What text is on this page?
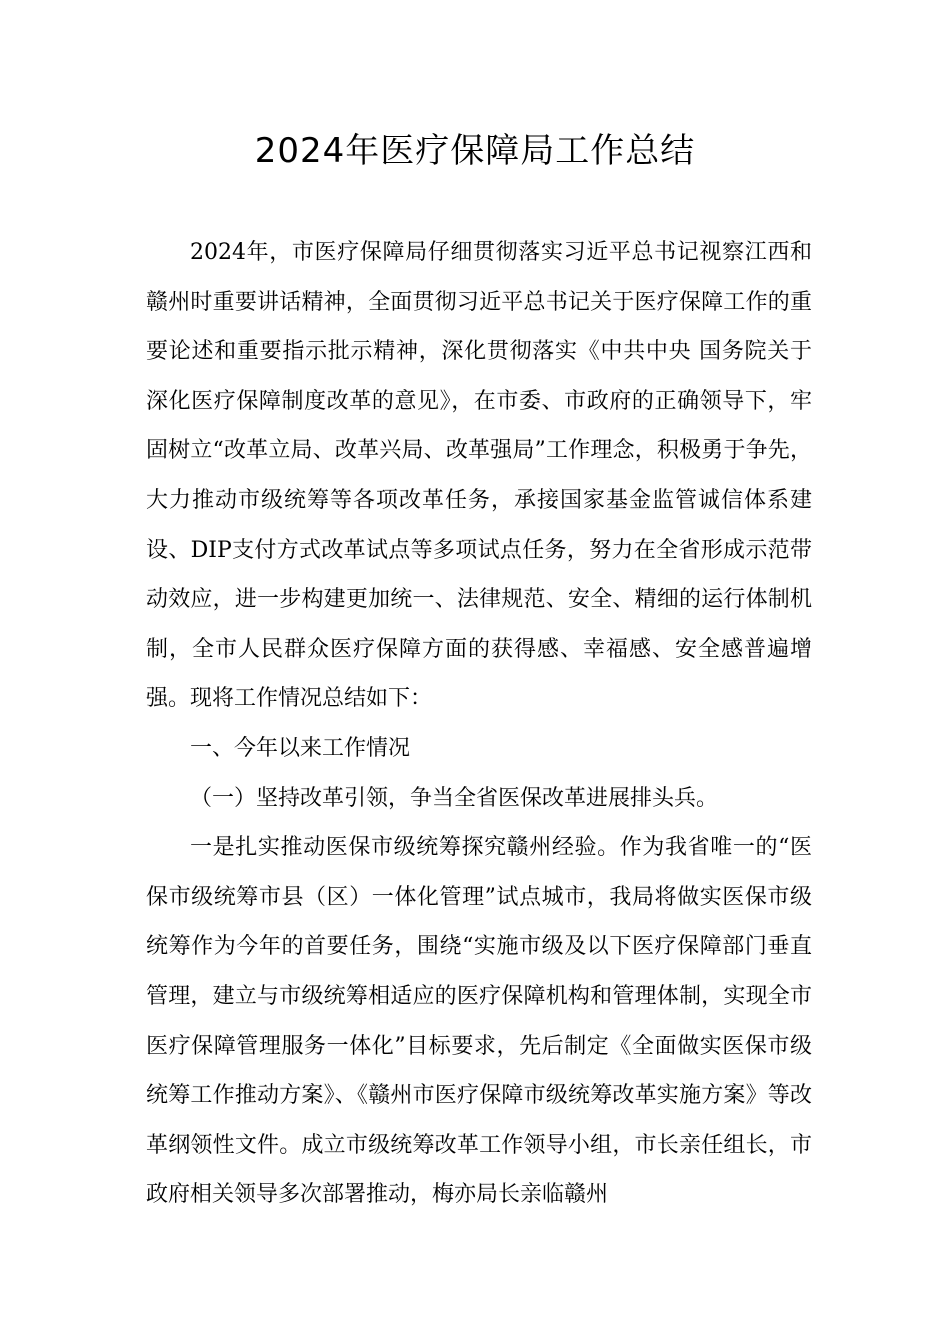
2024年医疗保障局工作总结

2024年，市医疗保障局仔细贯彻落实习近平总书记视察江西和赣州时重要讲话精神，全面贯彻习近平总书记关于医疗保障工作的重要论述和重要指示批示精神，深化贯彻落实《中共中央 国务院关于深化医疗保障制度改革的意见》，在市委、市政府的正确领导下，牢固树立“改革立局、改革兴局、改革强局”工作理念，积极勇于争先，大力推动市级统筹等各项改革任务，承接国家基金监管诚信体系建设、DIP支付方式改革试点等多项试点任务，努力在全省形成示范带动效应，进一步构建更加统一、法律规范、安全、精细的运行体制机制，全市人民群众医疗保障方面的获得感、幸福感、安全感普遍增强。现将工作情况总结如下：

一、今年以来工作情况

（一）坚持改革引领，争当全省医保改革进展排头兵。

一是扎实推动医保市级统筹探究赣州经验。作为我省唯一的“医保市级统筹市县（区）一体化管理”试点城市，我局将做实医保市级统筹作为今年的首要任务，围绕“实施市级及以下医疗保障部门垂直管理，建立与市级统筹相适应的医疗保障机构和管理体制，实现全市医疗保障管理服务一体化”目标要求，先后制定《全面做实医保市级统筹工作推动方案》、《赣州市医疗保障市级统筹改革实施方案》等改革纲领性文件。成立市级统筹改革工作领导小组，市长亲任组长，市政府相关领导多次部署推动，梅亦局长亲临赣州
